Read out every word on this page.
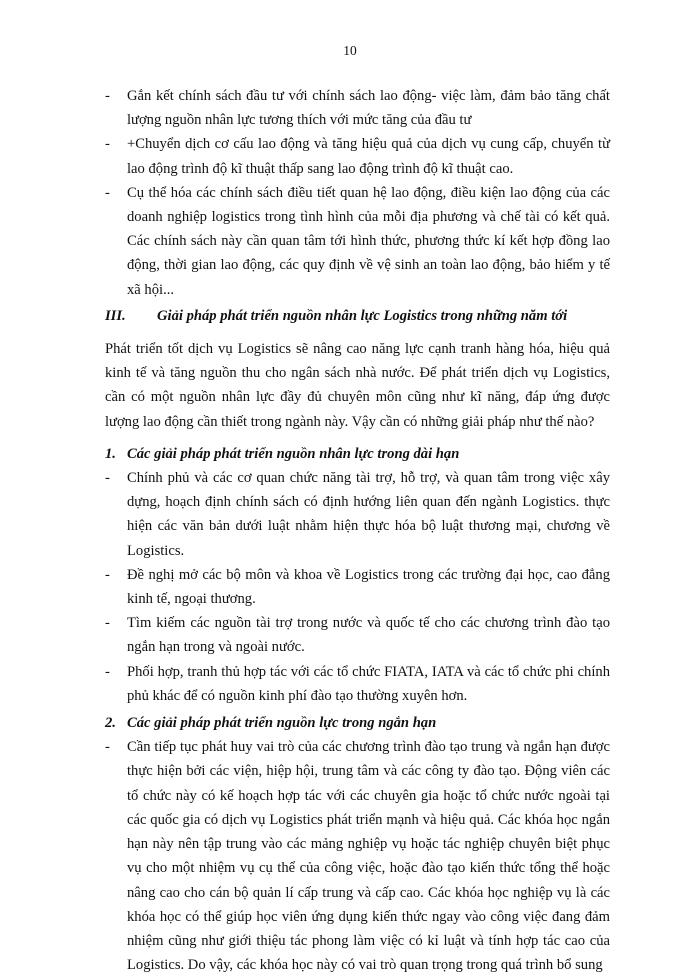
10
- Gắn kết chính sách đầu tư với chính sách lao động- việc làm, đảm bảo tăng chất lượng nguồn nhân lực tương thích với mức tăng của đầu tư
- +Chuyển dịch cơ cấu lao động và tăng hiệu quả của dịch vụ cung cấp, chuyển từ lao động trình độ kĩ thuật thấp sang lao động trình độ kĩ thuật cao.
- Cụ thể hóa các chính sách điều tiết quan hệ lao động, điều kiện lao động của các doanh nghiệp logistics trong tình hình của mỗi địa phương và chế tài có kết quả. Các chính sách này cần quan tâm tới hình thức, phương thức kí kết hợp đồng lao động, thời gian lao động, các quy định về vệ sinh an toàn lao động, bảo hiểm y tế xã hội...
III. Giải pháp phát triển nguồn nhân lực Logistics trong những năm tới
Phát triển tốt dịch vụ Logistics sẽ nâng cao năng lực cạnh tranh hàng hóa, hiệu quả kinh tế và tăng nguồn thu cho ngân sách nhà nước. Để phát triển dịch vụ Logistics, cần có một nguồn nhân lực đầy đủ chuyên môn cũng như kĩ năng, đáp ứng được lượng lao động cần thiết trong ngành này. Vậy cần có những giải pháp như thế nào?
1. Các giải pháp phát triển nguồn nhân lực trong dài hạn
- Chính phủ và các cơ quan chức năng tài trợ, hỗ trợ, và quan tâm trong việc xây dựng, hoạch định chính sách có định hướng liên quan đến ngành Logistics. thực hiện các văn bản dưới luật nhằm hiện thực hóa bộ luật thương mại, chương về Logistics.
- Đề nghị mở các bộ môn và khoa về Logistics trong các trường đại học, cao đẳng kinh tế, ngoại thương.
- Tìm kiếm các nguồn tài trợ trong nước và quốc tế cho các chương trình đào tạo ngắn hạn trong và ngoài nước.
- Phối hợp, tranh thủ hợp tác với các tổ chức FIATA, IATA và các tổ chức phi chính phủ khác để có nguồn kinh phí đào tạo thường xuyên hơn.
2. Các giải pháp phát triển nguồn lực trong ngắn hạn
- Cần tiếp tục phát huy vai trò của các chương trình đào tạo trung và ngắn hạn được thực hiện bởi các viện, hiệp hội, trung tâm và các công ty đào tạo. Động viên các tổ chức này có kế hoạch hợp tác với các chuyên gia hoặc tổ chức nước ngoài tại các quốc gia có dịch vụ Logistics phát triển mạnh và hiệu quả. Các khóa học ngắn hạn này nên tập trung vào các mảng nghiệp vụ hoặc tác nghiệp chuyên biệt phục vụ cho một nhiệm vụ cụ thể của công việc, hoặc đào tạo kiến thức tổng thể hoặc nâng cao cho cán bộ quản lí cấp trung và cấp cao. Các khóa học nghiệp vụ là các khóa học có thể giúp học viên ứng dụng kiến thức ngay vào công việc đang đảm nhiệm cũng như giới thiệu tác phong làm việc có kỉ luật và tính hợp tác cao của Logistics. Do vậy, các khóa học này có vai trò quan trọng trong quá trình bổ sung
